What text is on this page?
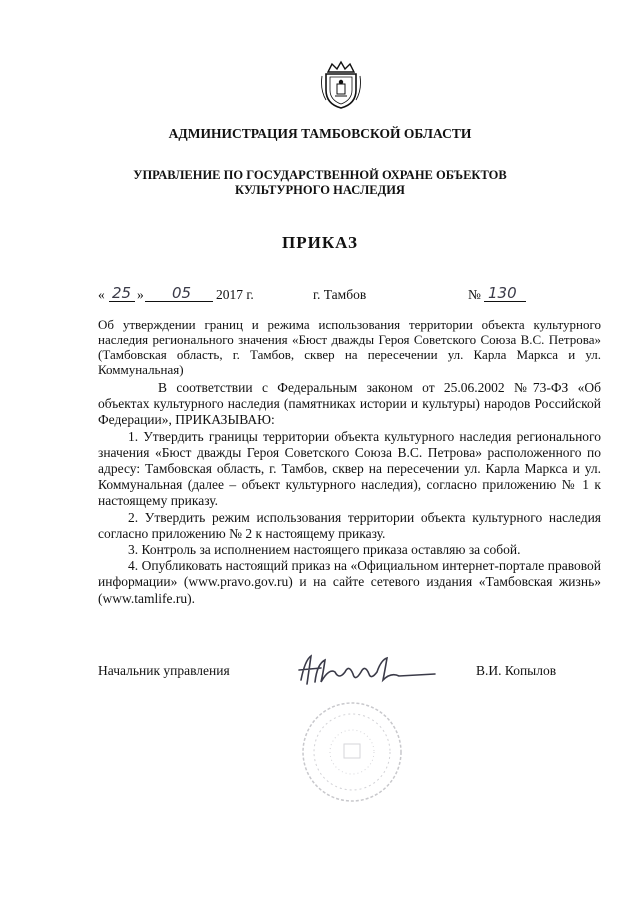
АДМИНИСТРАЦИЯ ТАМБОВСКОЙ ОБЛАСТИ
УПРАВЛЕНИЕ ПО ГОСУДАРСТВЕННОЙ ОХРАНЕ ОБЪЕКТОВ
КУЛЬТУРНОГО НАСЛЕДИЯ
ПРИКАЗ
« 25 » 05 2017 г.	г. Тамбов	№ 130
Об утверждении границ и режима использования территории объекта культурного наследия регионального значения «Бюст дважды Героя Советского Союза В.С. Петрова» (Тамбовская область, г. Тамбов, сквер на пересечении ул. Карла Маркса и ул. Коммунальная)

В соответствии с Федеральным законом от 25.06.2002 №73-ФЗ «Об объектах культурного наследия (памятниках истории и культуры) народов Российской Федерации», ПРИКАЗЫВАЮ:

1. Утвердить границы территории объекта культурного наследия регионального значения «Бюст дважды Героя Советского Союза В.С. Петрова» расположенного по адресу: Тамбовская область, г. Тамбов, сквер на пересечении ул. Карла Маркса и ул. Коммунальная (далее – объект культурного наследия), согласно приложению № 1 к настоящему приказу.

2. Утвердить режим использования территории объекта культурного наследия согласно приложению № 2 к настоящему приказу.

3. Контроль за исполнением настоящего приказа оставляю за собой.

4. Опубликовать настоящий приказ на «Официальном интернет-портале правовой информации» (www.pravo.gov.ru) и на сайте сетевого издания «Тамбовская жизнь» (www.tamlife.ru).

Начальник управления	В.И. Копылов
